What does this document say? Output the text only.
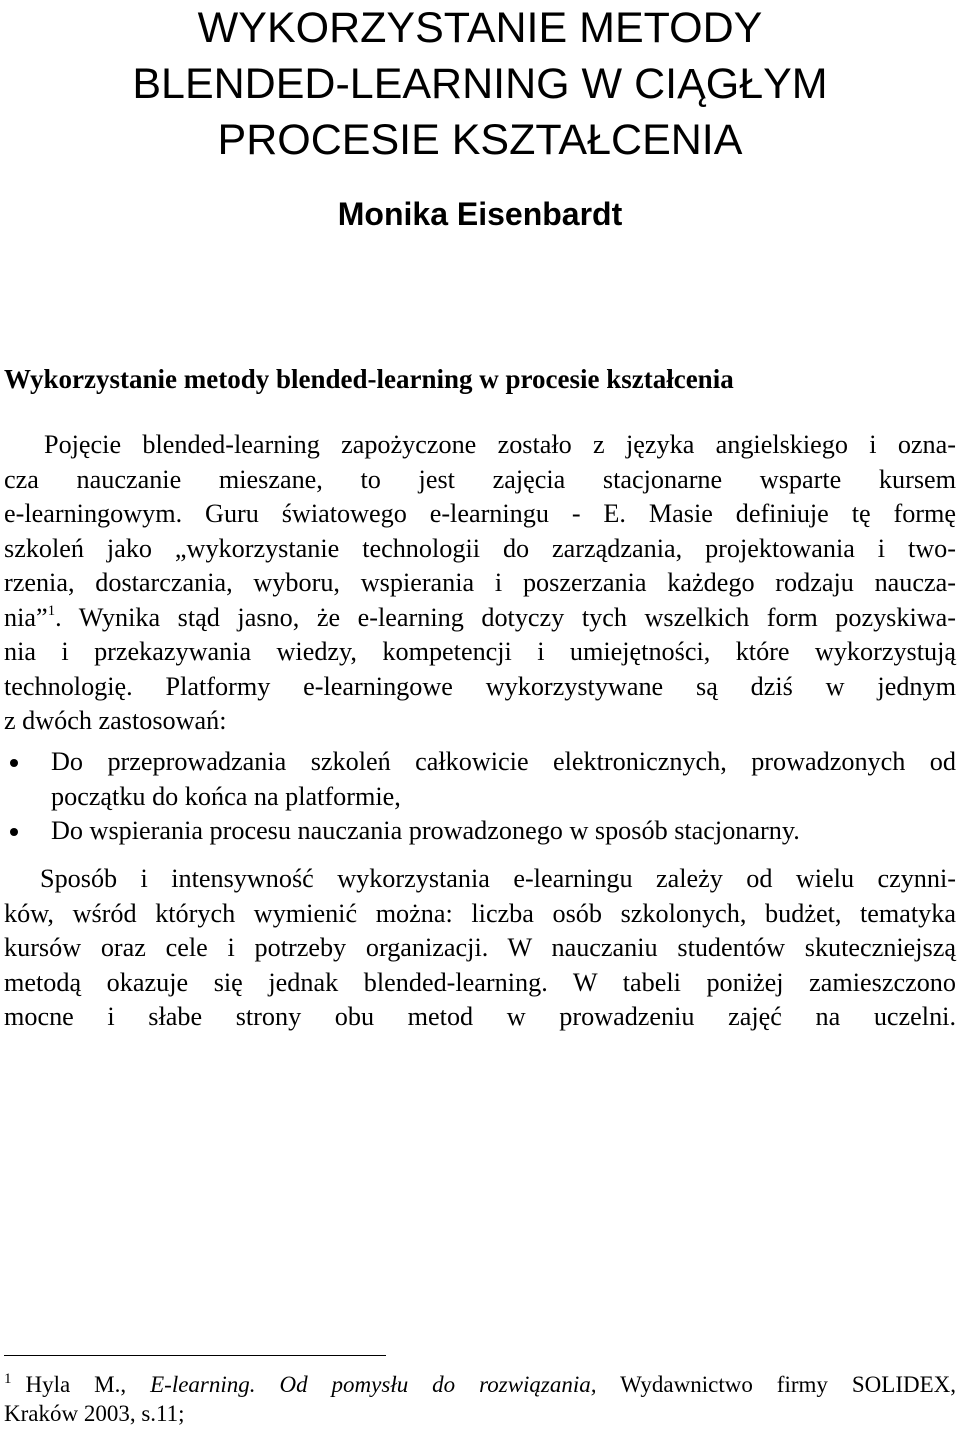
WYKORZYSTANIE METODY
BLENDED-LEARNING W CIĄGŁYM
PROCESIE KSZTAŁCENIA

Monika Eisenbardt

Wykorzystanie metody blended-learning w procesie kształcenia
Pojęcie blended-learning zapożyczone zostało z języka angielskiego i ozna-
cza nauczanie mieszane, to jest zajęcia stacjonarne wsparte kursem
e-learningowym. Guru światowego e-learningu - E. Masie definiuje tę formę
szkoleń jako „wykorzystanie technologii do zarządzania, projektowania i two-
rzenia, dostarczania, wyboru, wspierania i poszerzania każdego rodzaju naucza-
nia”$^1$. Wynika stąd jasno, że e-learning dotyczy tych wszelkich form pozyskiwa-
nia i przekazywania wiedzy, kompetencji i umiejętności, które wykorzystują
technologię. Platformy e-learningowe wykorzystywane są dziś w jednym
z dwóch zastosowań:
Do przeprowadzania szkoleń całkowicie elektronicznych, prowadzonych od
początku do końca na platformie,
Do wspierania procesu nauczania prowadzonego w sposób stacjonarny.
Sposób i intensywność wykorzystania e-learningu zależy od wielu czynni-
ków, wśród których wymienić można: liczba osób szkolonych, budżet, tematyka
kursów oraz cele i potrzeby organizacji. W nauczaniu studentów skuteczniejszą
metodą okazuje się jednak blended-learning. W tabeli poniżej zamieszczono
mocne i słabe strony obu metod w prowadzeniu zajęć na uczelni.
$^1$ Hyla M., E-learning. Od pomysłu do rozwiązania, Wydawnictwo firmy SOLIDEX,
Kraków 2003, s.11;
